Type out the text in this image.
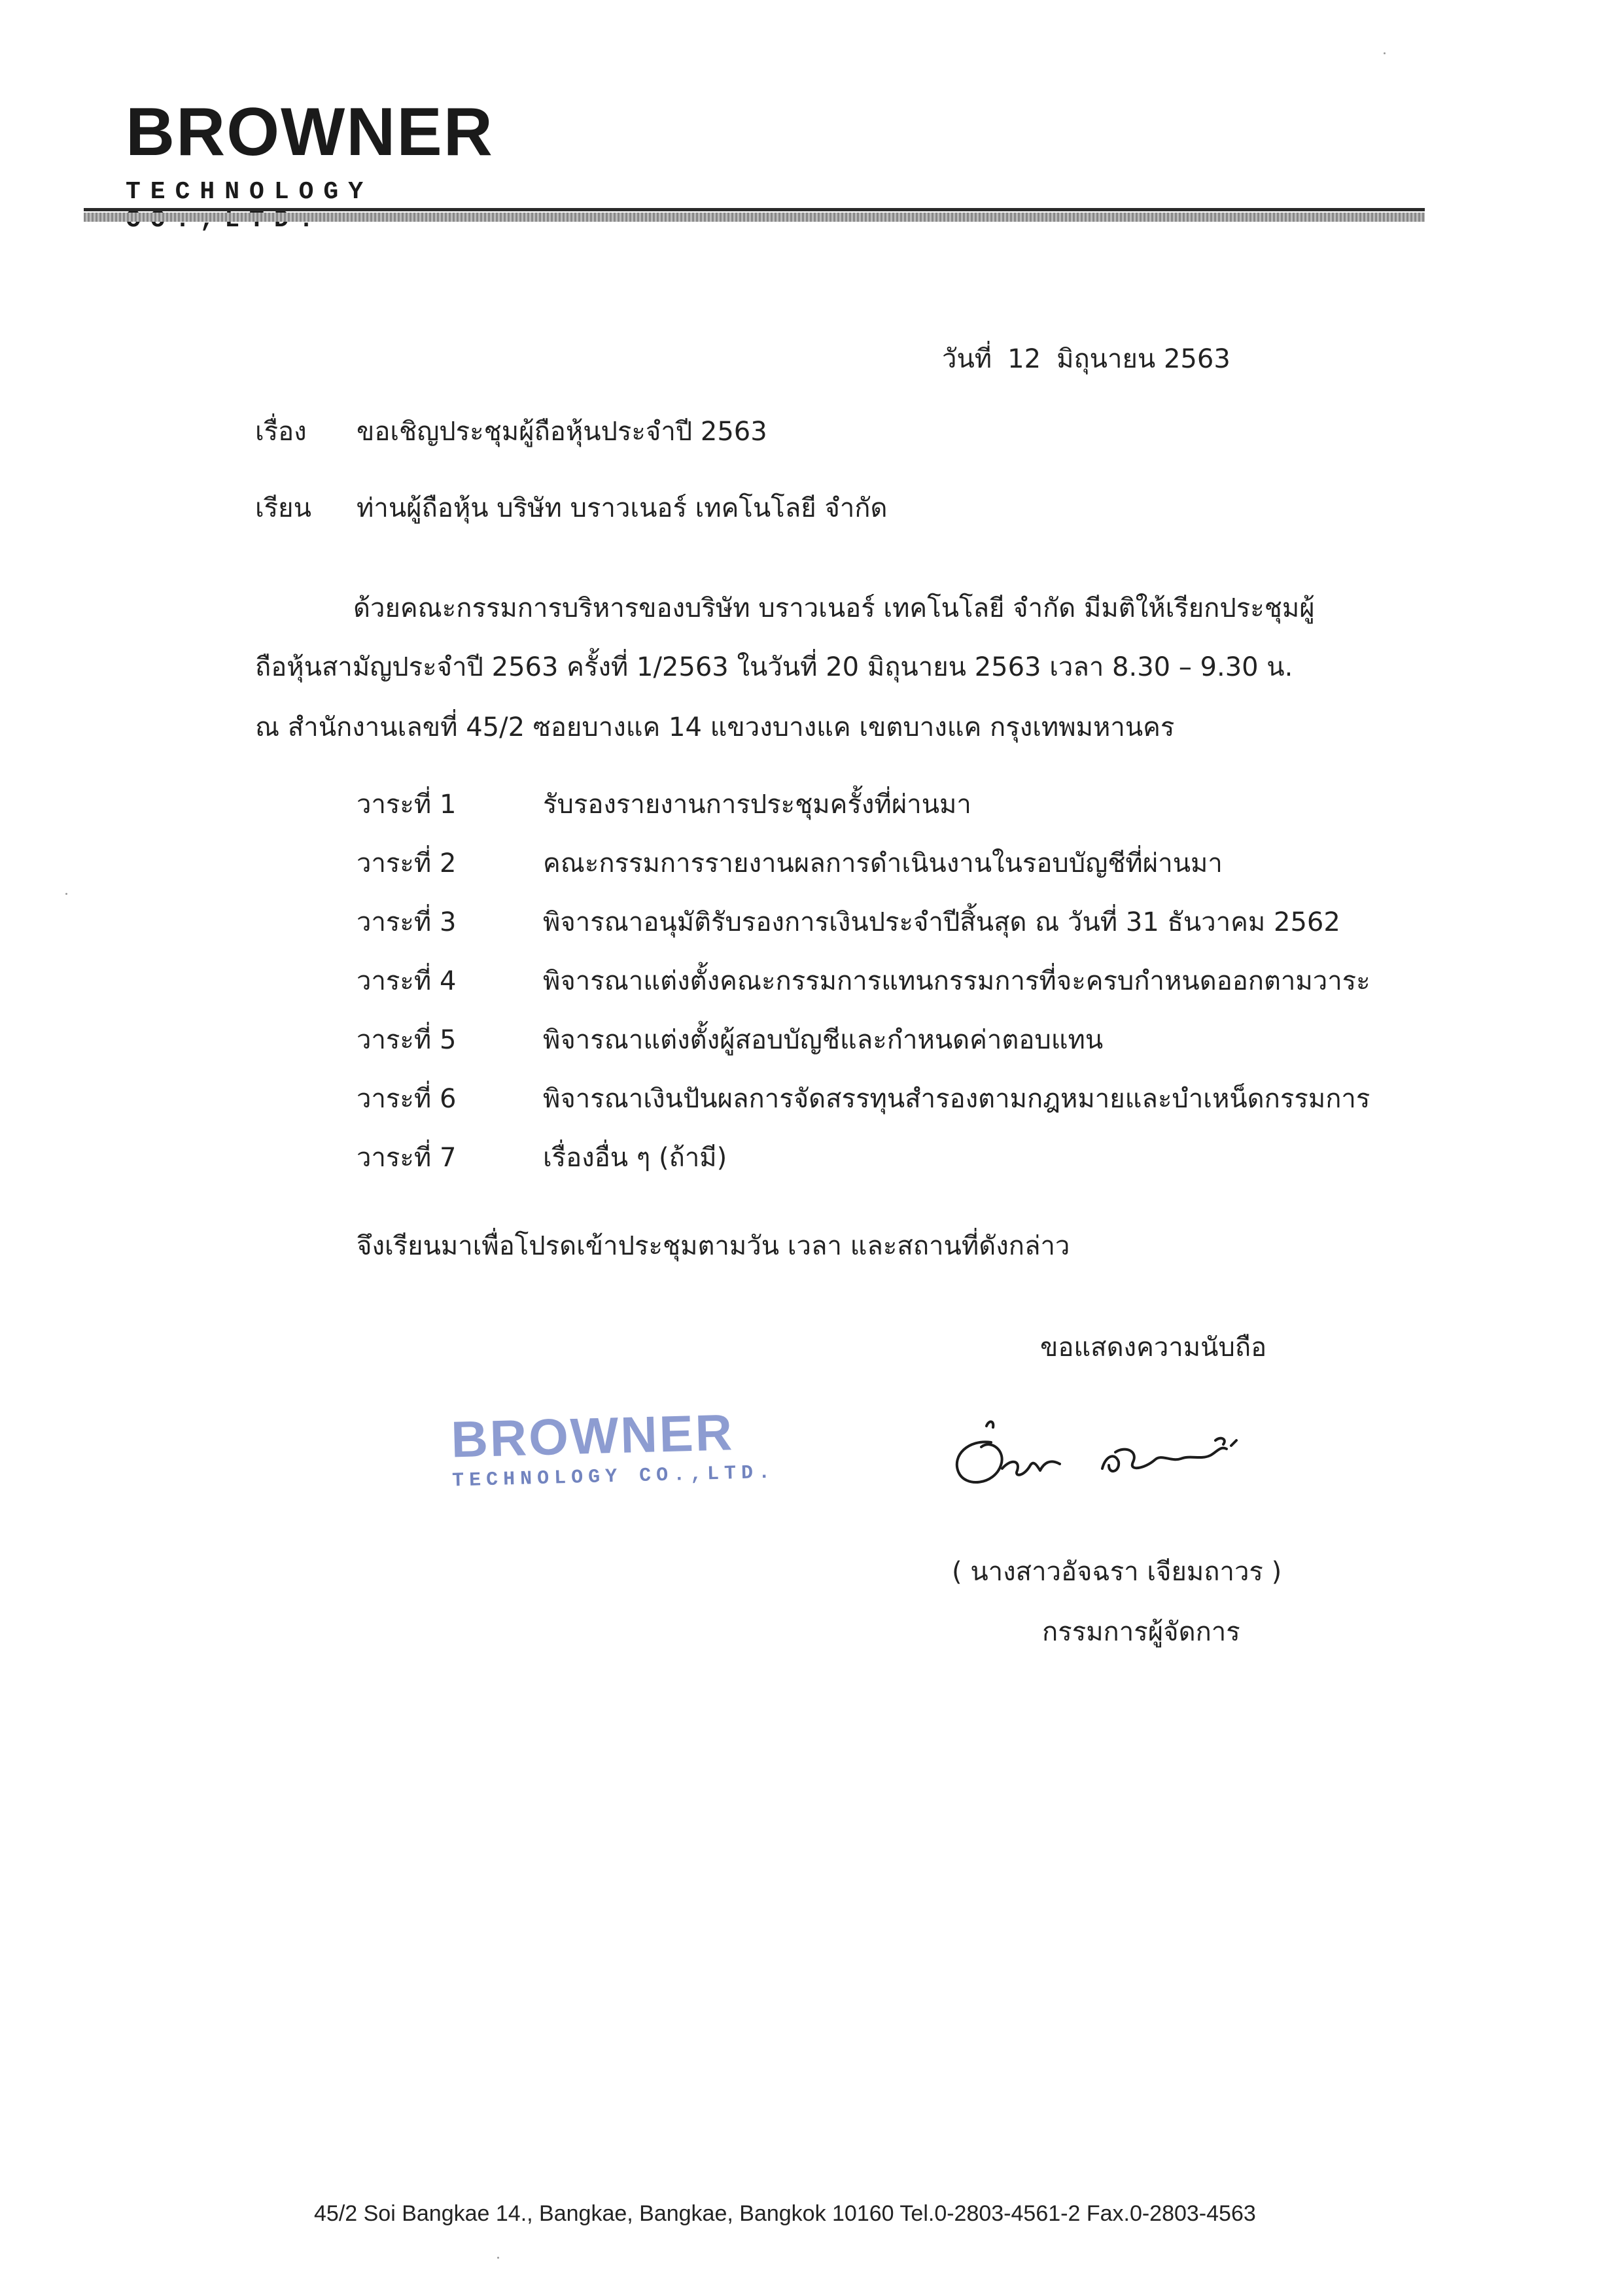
BROWNER
TECHNOLOGY
วันที่ 12 มิถุนายน 2563
เรื่อง ขอเชิญประชุมผู้ถือหุ้นประจำปี 2563
เรียน ท่านผู้ถือหุ้น บริษัท บราวเนอร์ เทคโนโลยี จำกัด
ด้วยคณะกรรมการบริหารของบริษัท บราวเนอร์ เทคโนโลยี จำกัด มีมติให้เรียกประชุมผู้
ถือหุ้นสามัญประจำปี 2563 ครั้งที่ 1/2563 ในวันที่ 20 มิถุนายน 2563 เวลา 8.30 – 9.30 น.
ณ สำนักงานเลขที่ 45/2 ซอยบางแค 14 แขวงบางแค เขตบางแค กรุงเทพมหานคร
วาระที่ 1	รับรองรายงานการประชุมครั้งที่ผ่านมา
วาระที่ 2	คณะกรรมการรายงานผลการดำเนินงานในรอบบัญชีที่ผ่านมา
วาระที่ 3	พิจารณาอนุมัติรับรองการเงินประจำปีสิ้นสุด ณ วันที่ 31 ธันวาคม 2562
วาระที่ 4	พิจารณาแต่งตั้งคณะกรรมการแทนกรรมการที่จะครบกำหนดออกตามวาระ
วาระที่ 5	พิจารณาแต่งตั้งผู้สอบบัญชีและกำหนดค่าตอบแทน
วาระที่ 6	พิจารณาเงินปันผลการจัดสรรทุนสำรองตามกฎหมายและบำเหน็ดกรรมการ
วาระที่ 7	เรื่องอื่น ๆ (ถ้ามี)
จึงเรียนมาเพื่อโปรดเข้าประชุมตามวัน เวลา และสถานที่ดังกล่าว
ขอแสดงความนับถือ
BROWNER
TECHNOLOGY CO.,LTD.
( นางสาวอัจฉรา เจียมถาวร )
กรรมการผู้จัดการ
45/2 Soi Bangkae 14., Bangkae, Bangkae, Bangkok 10160 Tel.0-2803-4561-2 Fax.0-2803-4563
